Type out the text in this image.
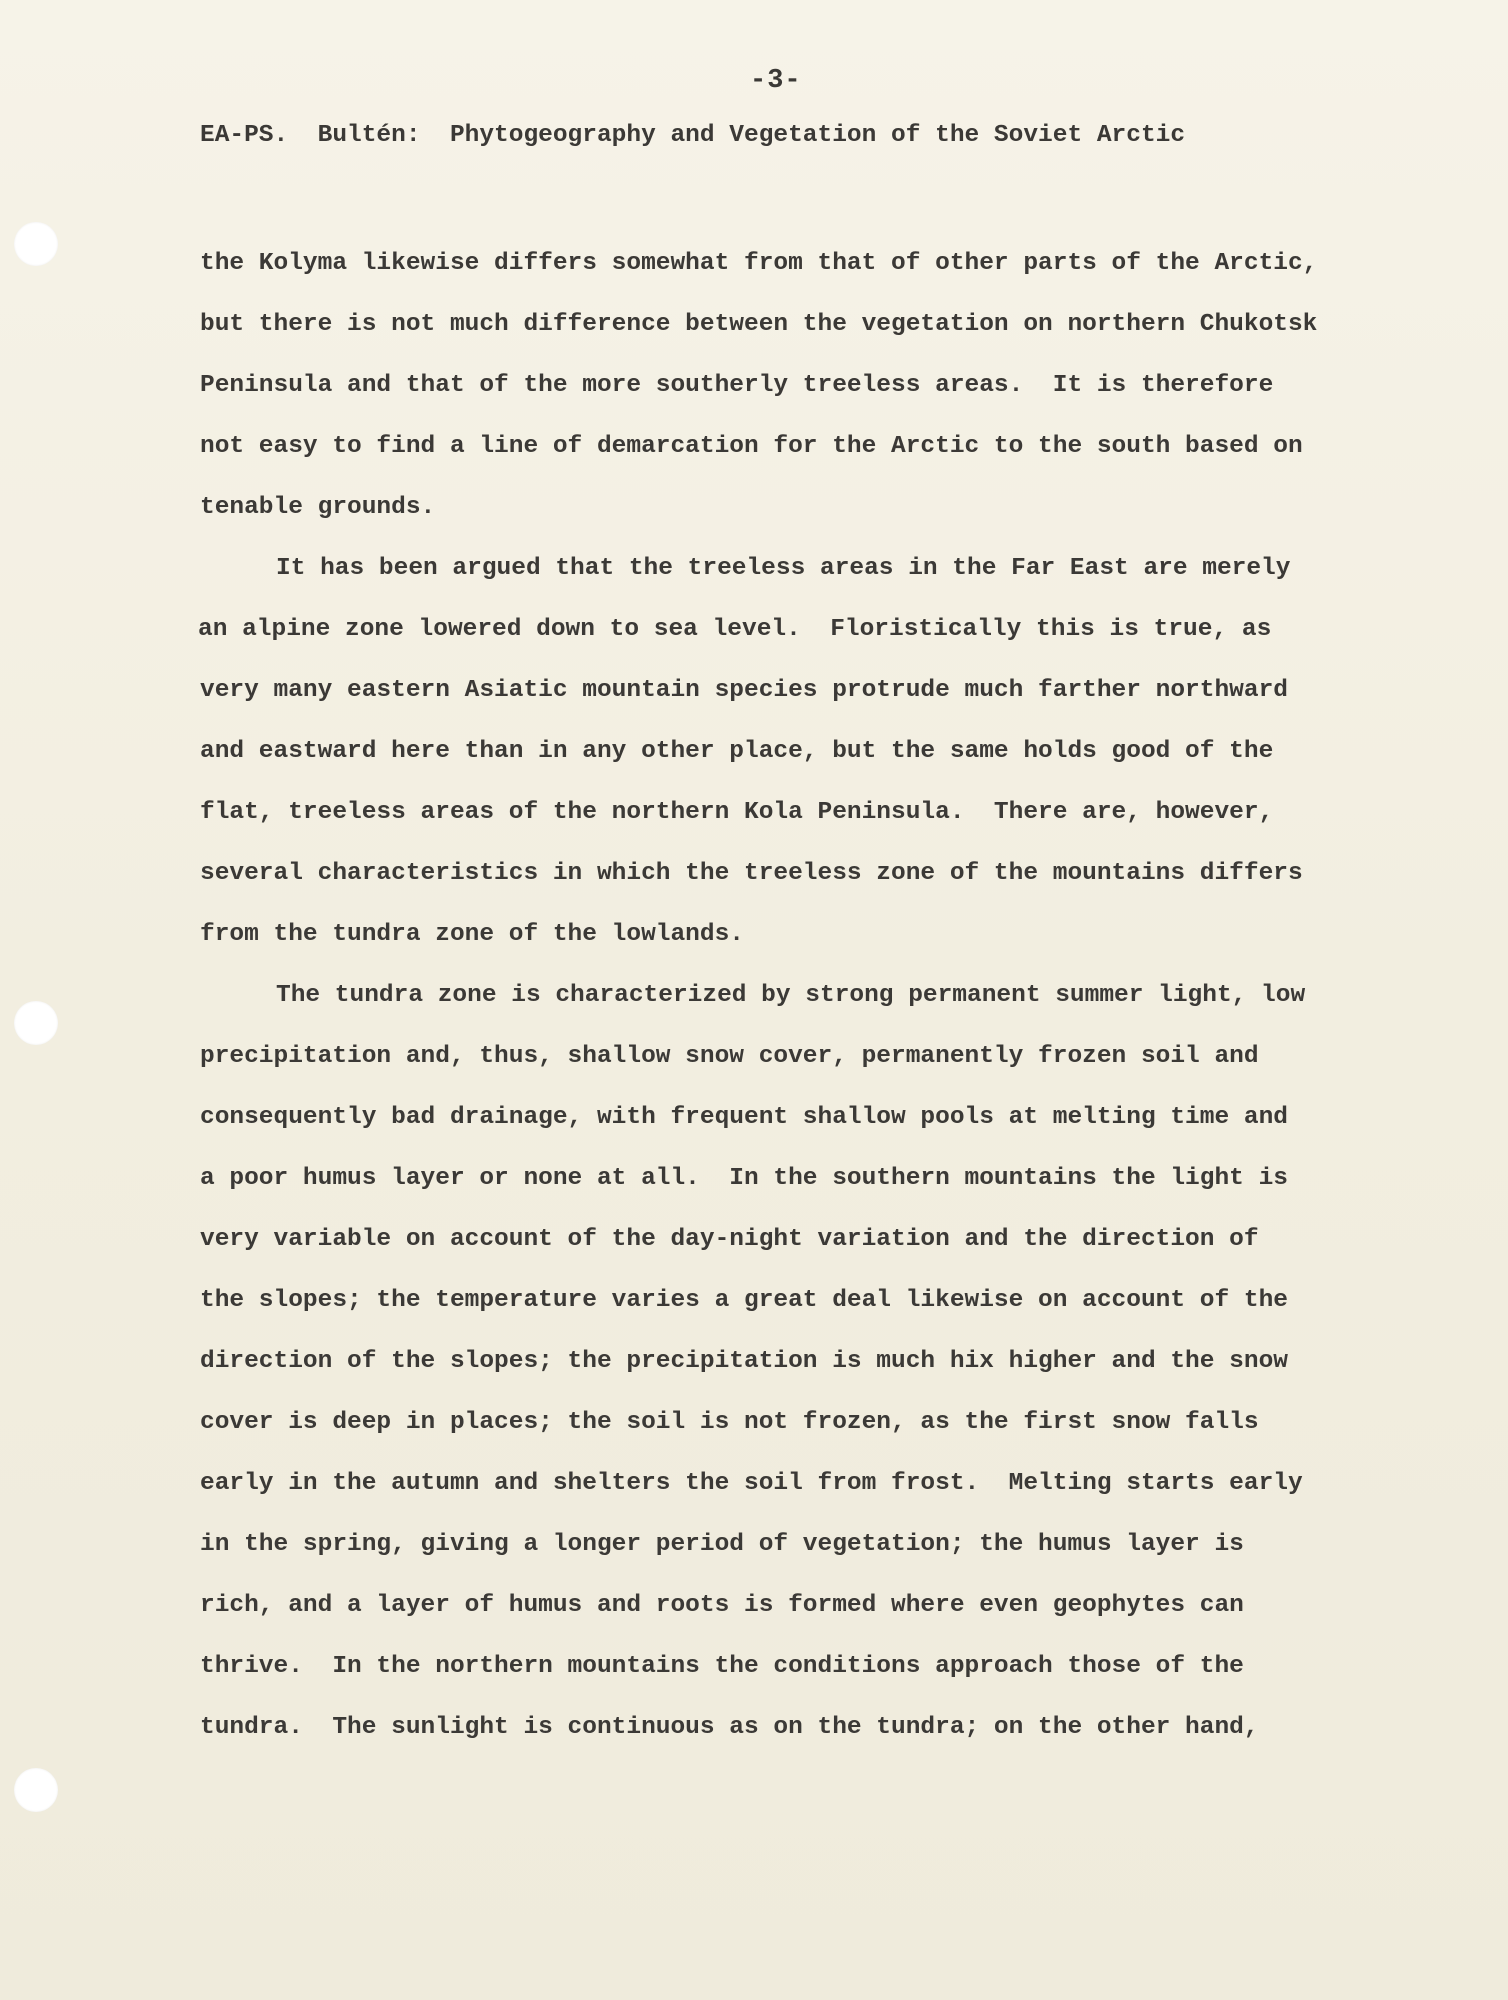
-3-
EA-PS.  Bultén:  Phytogeography and Vegetation of the Soviet Arctic
the Kolyma likewise differs somewhat from that of other parts of the Arctic,
but there is not much difference between the vegetation on northern Chukotsk
Peninsula and that of the more southerly treeless areas.  It is therefore
not easy to find a line of demarcation for the Arctic to the south based on
tenable grounds.
It has been argued that the treeless areas in the Far East are merely
an alpine zone lowered down to sea level.  Floristically this is true, as
very many eastern Asiatic mountain species protrude much farther northward
and eastward here than in any other place, but the same holds good of the
flat, treeless areas of the northern Kola Peninsula.  There are, however,
several characteristics in which the treeless zone of the mountains differs
from the tundra zone of the lowlands.
The tundra zone is characterized by strong permanent summer light, low
precipitation and, thus, shallow snow cover, permanently frozen soil and
consequently bad drainage, with frequent shallow pools at melting time and
a poor humus layer or none at all.  In the southern mountains the light is
very variable on account of the day-night variation and the direction of
the slopes; the temperature varies a great deal likewise on account of the
direction of the slopes; the precipitation is much hix higher and the snow
cover is deep in places; the soil is not frozen, as the first snow falls
early in the autumn and shelters the soil from frost.  Melting starts early
in the spring, giving a longer period of vegetation; the humus layer is
rich, and a layer of humus and roots is formed where even geophytes can
thrive.  In the northern mountains the conditions approach those of the
tundra.  The sunlight is continuous as on the tundra; on the other hand,
